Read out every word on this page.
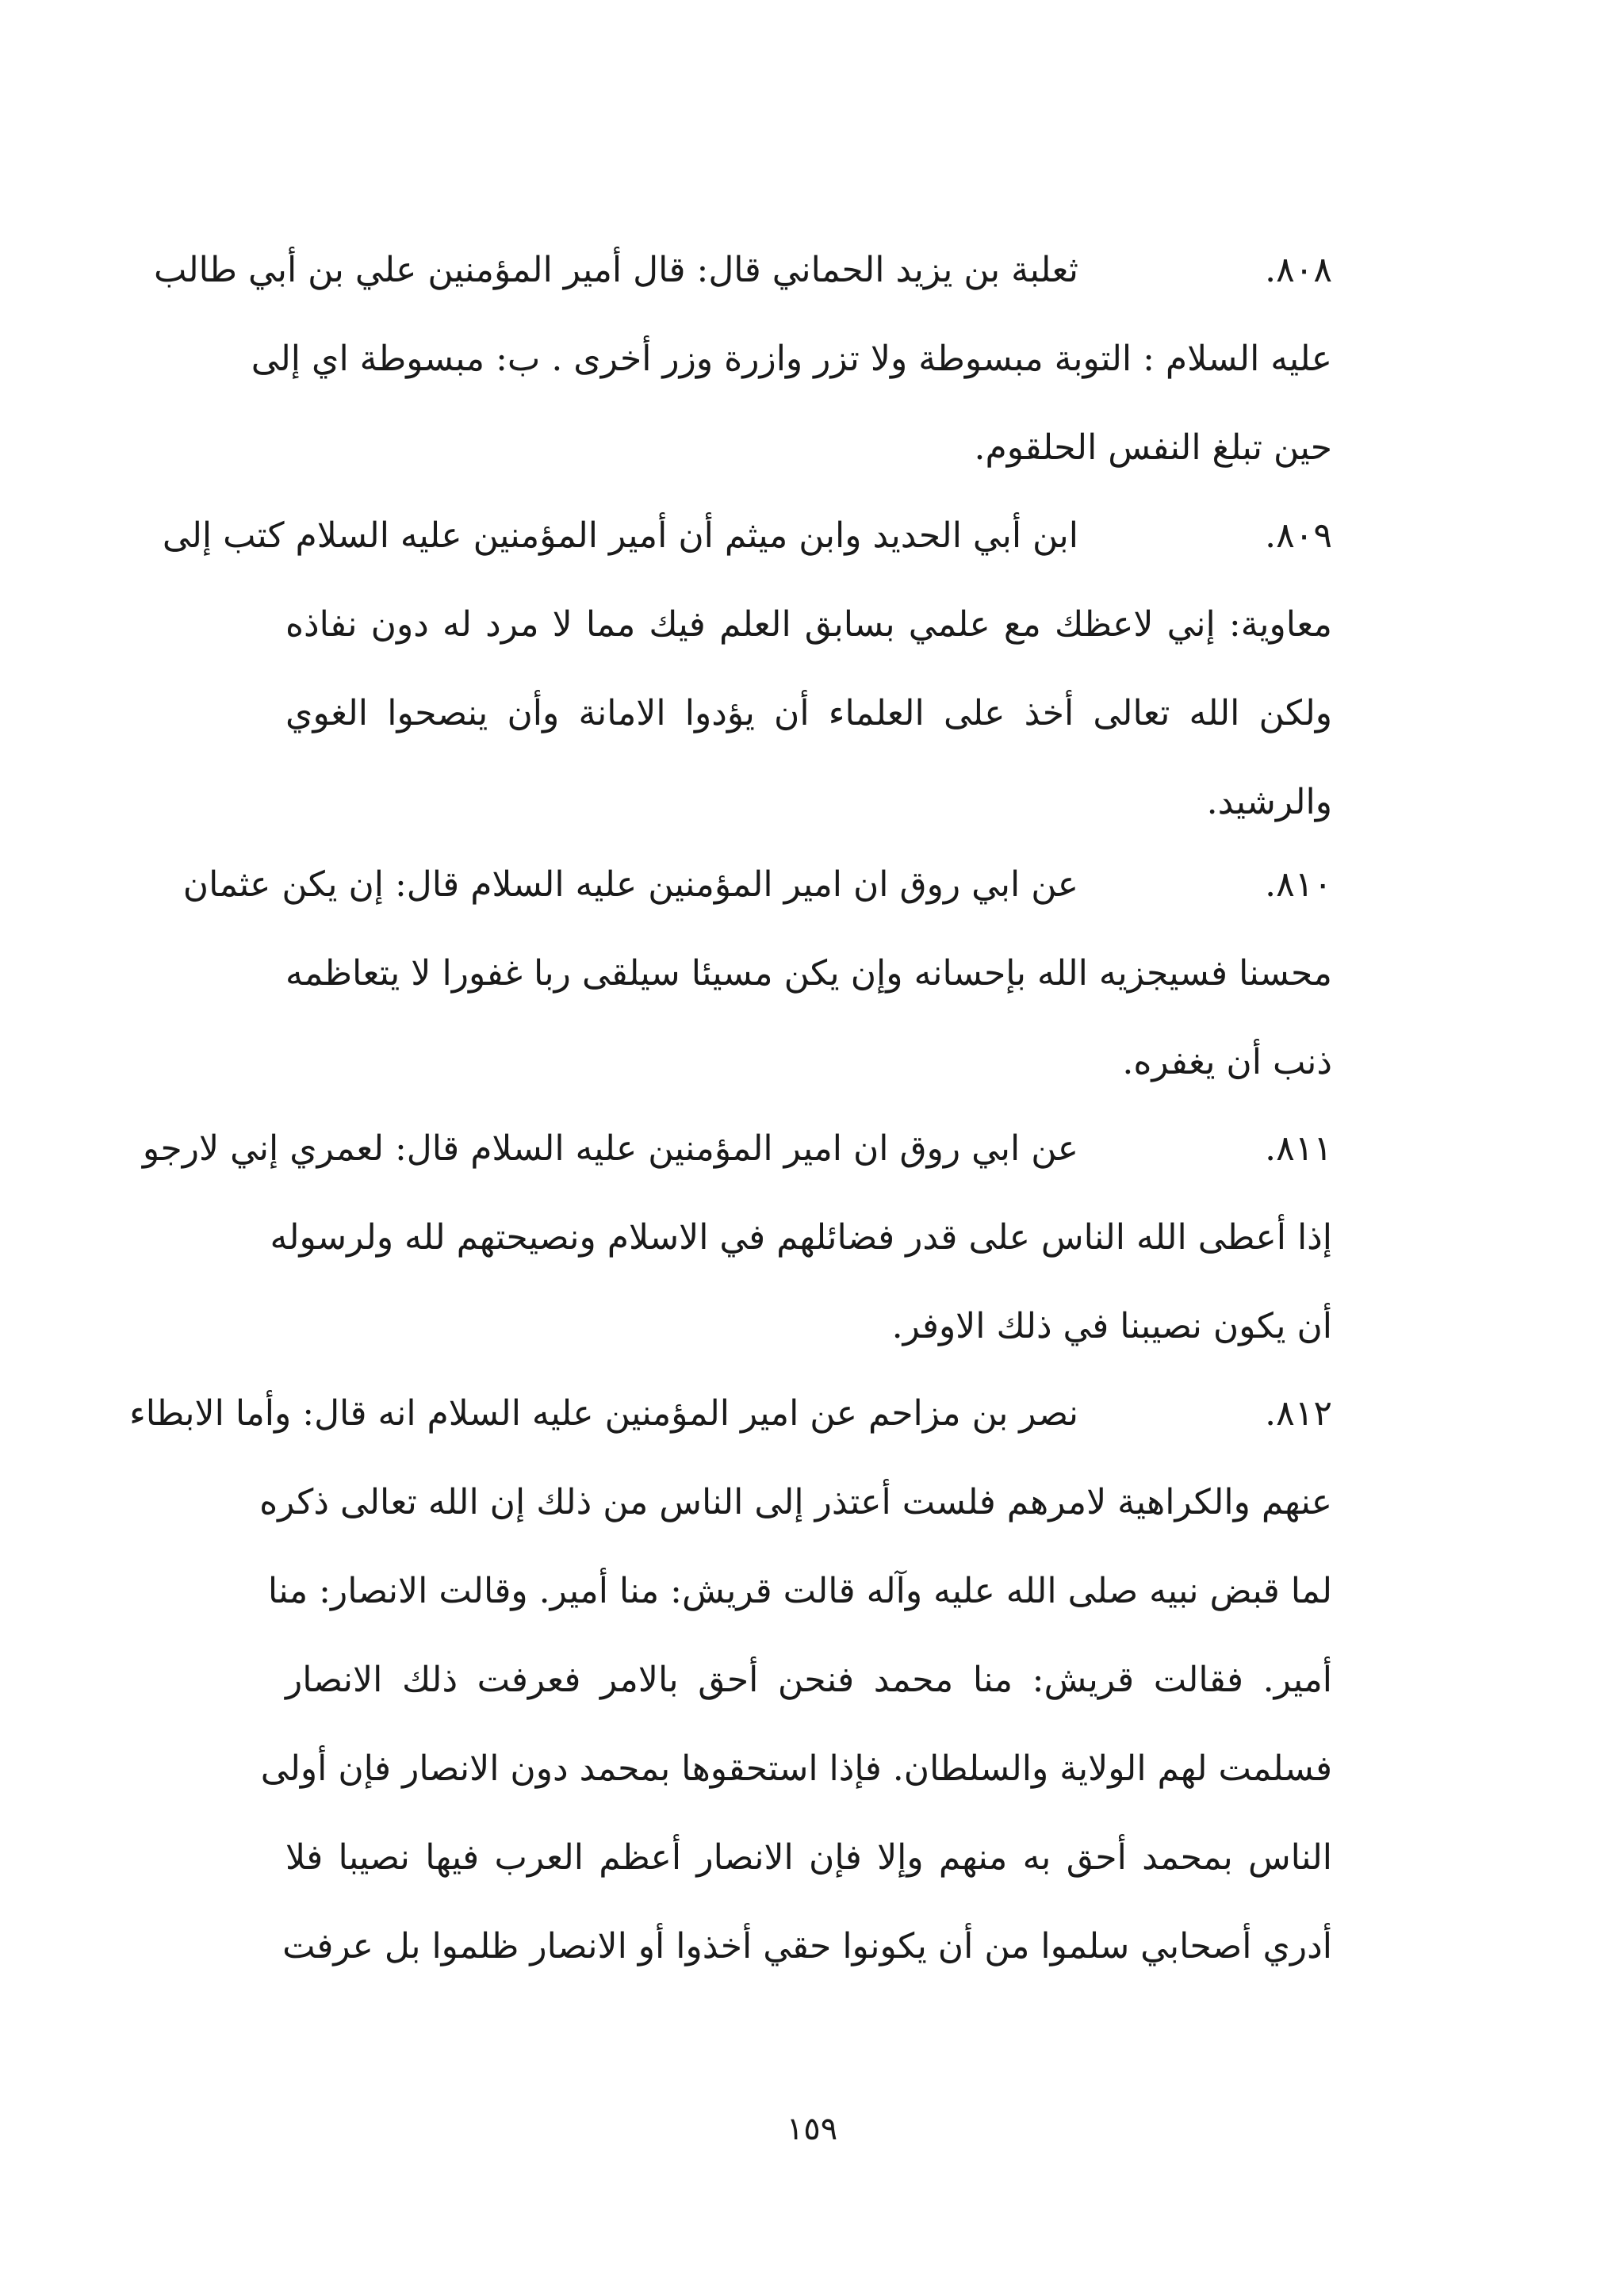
٨٠٨.
ثعلبة بن يزيد الحماني قال: قال أمير المؤمنين علي بن أبي طالب
عليه السلام : التوبة مبسوطة ولا تزر وازرة وزر أخرى . ب: مبسوطة اي إلى
حين تبلغ النفس الحلقوم.
٨٠٩.
ابن أبي الحديد وابن ميثم أن أمير المؤمنين عليه السلام كتب إلى
معاوية: إني لاعظك مع علمي بسابق العلم فيك مما لا مرد له دون نفاذه
ولكن الله تعالى أخذ على العلماء أن يؤدوا الامانة وأن ينصحوا الغوي
والرشيد.
٨١٠.
عن ابي روق ان امير المؤمنين عليه السلام قال: إن يكن عثمان
محسنا فسيجزيه الله بإحسانه وإن يكن مسيئا سيلقى ربا غفورا لا يتعاظمه
ذنب أن يغفره.
٨١١.
عن ابي روق ان امير المؤمنين عليه السلام قال: لعمري إني لارجو
إذا أعطى الله الناس على قدر فضائلهم في الاسلام ونصيحتهم لله ولرسوله
أن يكون نصيبنا في ذلك الاوفر.
٨١٢.
نصر بن مزاحم عن امير المؤمنين عليه السلام انه قال: وأما الابطاء
عنهم والكراهية لامرهم فلست أعتذر إلى الناس من ذلك إن الله تعالى ذكره
لما قبض نبيه صلى الله عليه وآله قالت قريش: منا أمير. وقالت الانصار: منا
أمير. فقالت قريش: منا محمد فنحن أحق بالامر فعرفت ذلك الانصار
فسلمت لهم الولاية والسلطان. فإذا استحقوها بمحمد دون الانصار فإن أولى
الناس بمحمد أحق به منهم وإلا فإن الانصار أعظم العرب فيها نصيبا فلا
أدري أصحابي سلموا من أن يكونوا حقي أخذوا أو الانصار ظلموا بل عرفت
١٥٩
